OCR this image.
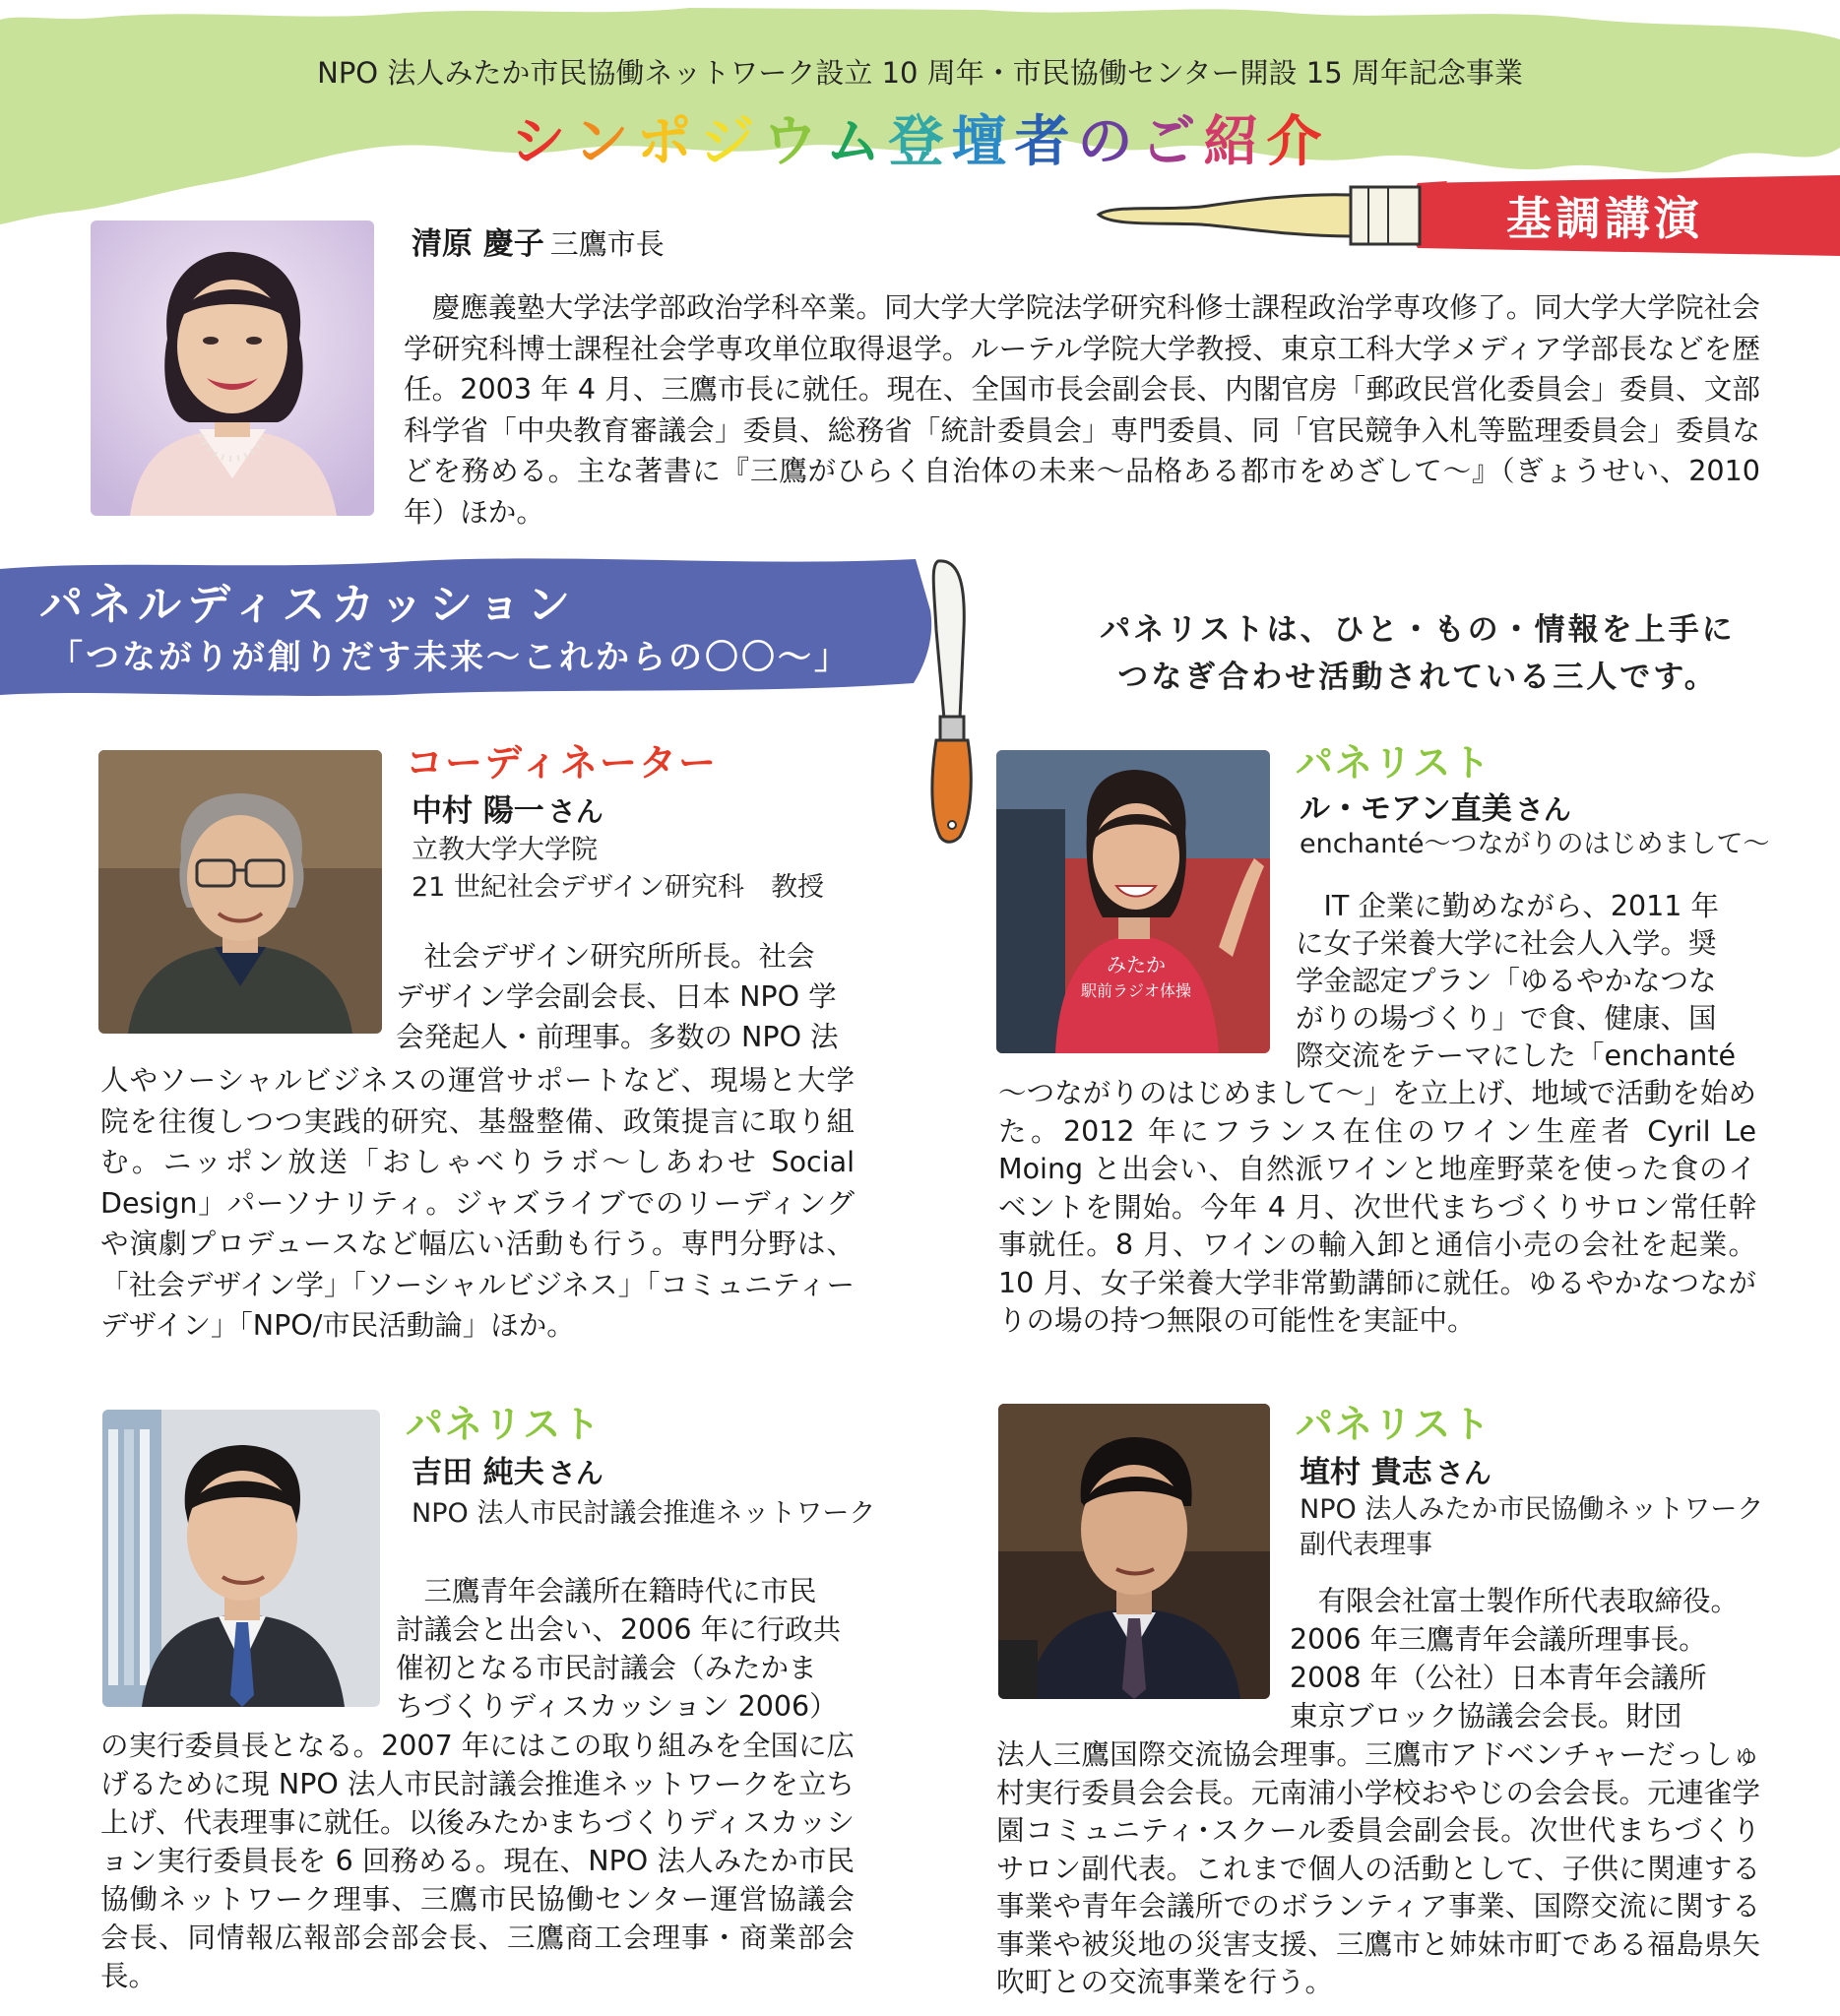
NPO 法人みたか市民協働ネットワーク設立 10 周年・市民協働センター開設 15 周年記念事業
シンポジウム登壇者のご紹介
基調講演
清原 慶子 三鷹市長
　慶應義塾大学法学部政治学科卒業。同大学大学院法学研究科修士課程政治学専攻修了。同大学大学院社会学研究科博士課程社会学専攻単位取得退学。ルーテル学院大学教授、東京工科大学メディア学部長などを歴任。2003 年 4 月、三鷹市長に就任。現在、全国市長会副会長、内閣官房「郵政民営化委員会」委員、文部科学省「中央教育審議会」委員、総務省「統計委員会」専門委員、同「官民競争入札等監理委員会」委員などを務める。主な著書に『三鷹がひらく自治体の未来～品格ある都市をめざして～』（ぎょうせい、2010 年）ほか。
パネルディスカッション
「つながりが創りだす未来～これからの〇〇～」
パネリストは、ひと・もの・情報を上手に
つなぎ合わせ活動されている三人です。
コーディネーター
中村 陽一 さん
立教大学大学院
21 世紀社会デザイン研究科　教授
　社会デザイン研究所所長。社会
デザイン学会副会長、日本 NPO 学
会発起人・前理事。多数の NPO 法
人やソーシャルビジネスの運営サポートなど、現場と大学院を往復しつつ実践的研究、基盤整備、政策提言に取り組む。ニッポン放送「おしゃべりラボ～しあわせ Social Design」パーソナリティ。ジャズライブでのリーディングや演劇プロデュースなど幅広い活動も行う。専門分野は、「社会デザイン学」「ソーシャルビジネス」「コミュニティーデザイン」「NPO/市民活動論」ほか。
みたか
駅前ラジオ体操
パネリスト
ル・モアン直美 さん
enchanté～つながりのはじめまして～
　IT 企業に勤めながら、2011 年
に女子栄養大学に社会人入学。奨
学金認定プラン「ゆるやかなつな
がりの場づくり」で食、健康、国
際交流をテーマにした「enchanté
～つながりのはじめまして～」を立上げ、地域で活動を始めた。2012 年にフランス在住のワイン生産者 Cyril Le Moing と出会い、自然派ワインと地産野菜を使った食のイベントを開始。今年 4 月、次世代まちづくりサロン常任幹事就任。8 月、ワインの輸入卸と通信小売の会社を起業。10 月、女子栄養大学非常勤講師に就任。ゆるやかなつながりの場の持つ無限の可能性を実証中。
パネリスト
吉田 純夫 さん
NPO 法人市民討議会推進ネットワーク
　三鷹青年会議所在籍時代に市民
討議会と出会い、2006 年に行政共
催初となる市民討議会（みたかま
ちづくりディスカッション 2006）
の実行委員長となる。2007 年にはこの取り組みを全国に広げるために現 NPO 法人市民討議会推進ネットワークを立ち上げ、代表理事に就任。以後みたかまちづくりディスカッション実行委員長を 6 回務める。現在、NPO 法人みたか市民協働ネットワーク理事、三鷹市民協働センター運営協議会会長、同情報広報部会部会長、三鷹商工会理事・商業部会長。
パネリスト
埴村 貴志 さん
NPO 法人みたか市民協働ネットワーク
副代表理事
　有限会社富士製作所代表取締役。
2006 年三鷹青年会議所理事長。
2008 年（公社）日本青年会議所
東京ブロック協議会会長。財団
法人三鷹国際交流協会理事。三鷹市アドベンチャーだっしゅ村実行委員会会長。元南浦小学校おやじの会会長。元連雀学園コミュニティ･スクール委員会副会長。次世代まちづくりサロン副代表。これまで個人の活動として、子供に関連する事業や青年会議所でのボランティア事業、国際交流に関する事業や被災地の災害支援、三鷹市と姉妹市町である福島県矢吹町との交流事業を行う。
